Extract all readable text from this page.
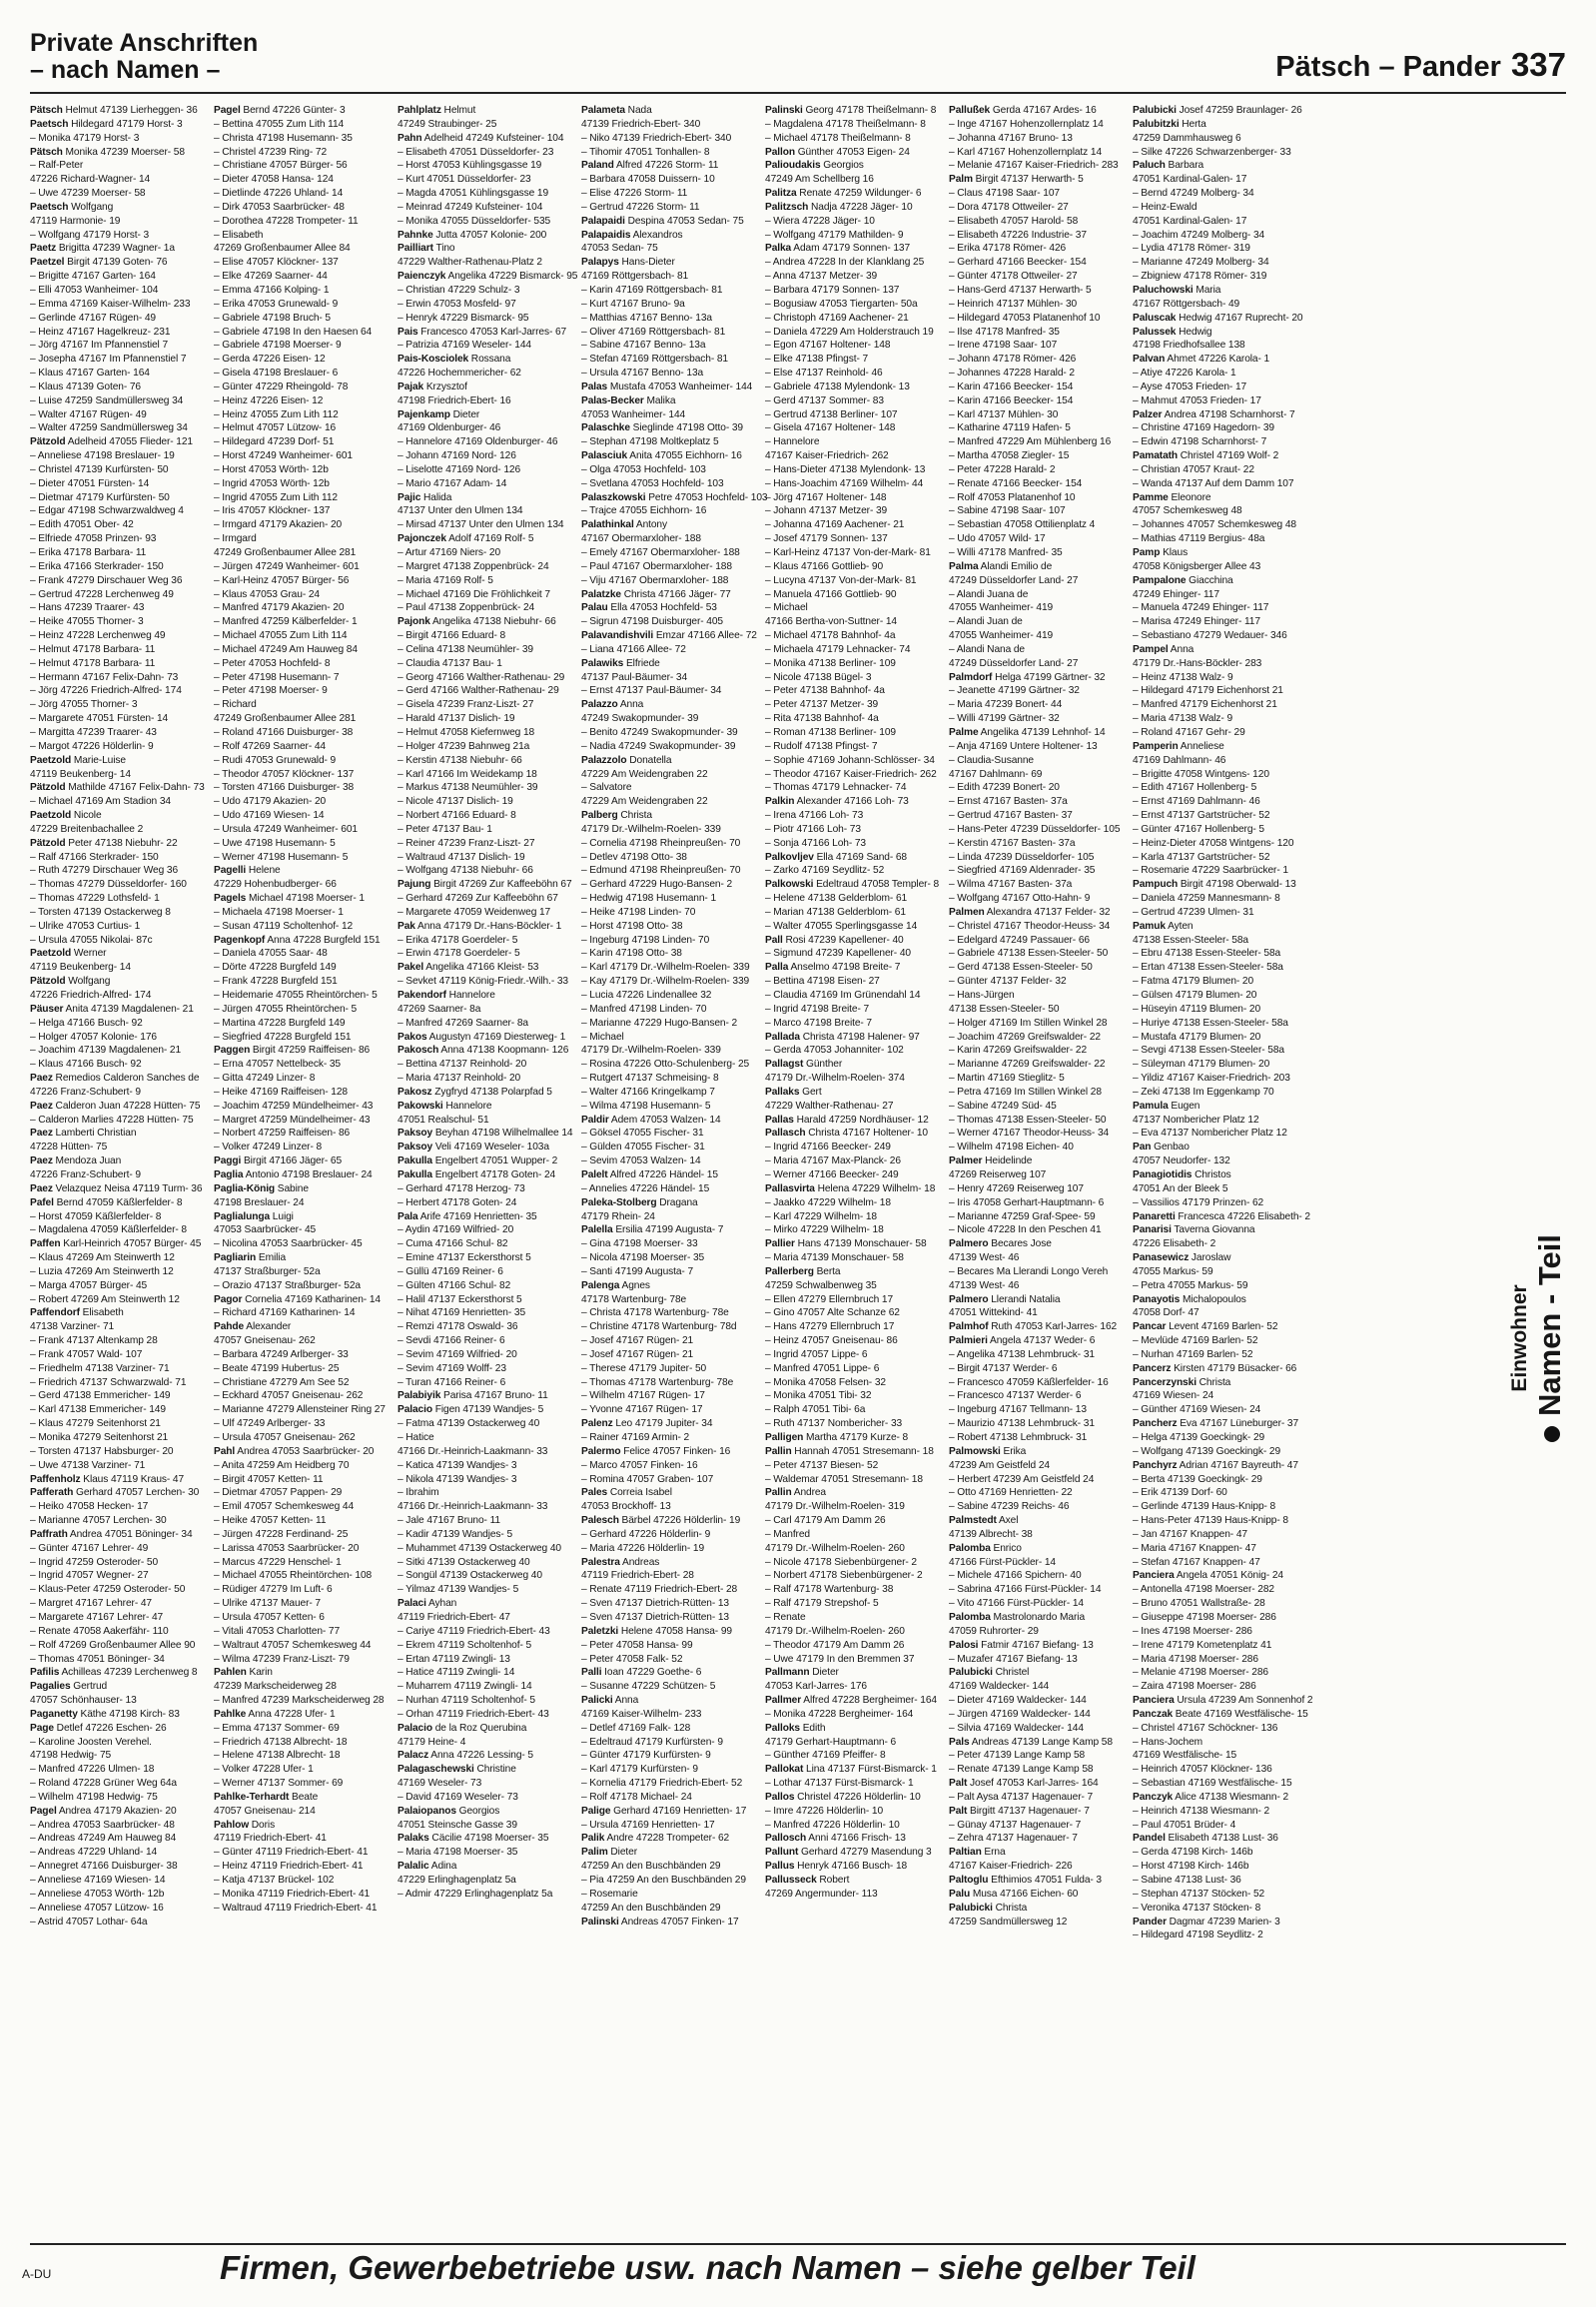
Private Anschriften
– nach Namen –	Pätsch – Pander 337
Pätsch Helmut 47139 Lierheggen- 36
Paetsch Hildegard 47179 Horst- 3
– Monika 47179 Horst- 3
Pätsch Monika 47239 Moerser- 58
– Ralf-Peter
47226 Richard-Wagner- 14
– Uwe 47239 Moerser- 58
Paetsch Wolfgang
47119 Harmonie- 19
– Wolfgang 47179 Horst- 3
Paetz Brigitta 47239 Wagner- 1a
Paetzel Birgit 47139 Goten- 76
– Brigitte 47167 Garten- 164
– Elli 47053 Wanheimer- 104
– Emma 47169 Kaiser-Wilhelm- 233
– Gerlinde 47167 Rügen- 49
– Heinz 47167 Hagelkreuz- 231
– Jörg 47167 Im Pfannenstiel 7
– Josepha 47167 Im Pfannenstiel 7
– Klaus 47167 Garten- 164
– Klaus 47139 Goten- 76
– Luise 47259 Sandmüllersweg 34
– Walter 47167 Rügen- 49
– Walter 47259 Sandmüllersweg 34
Pätzold Adelheid 47055 Flieder- 121
– Anneliese 47198 Breslauer- 19
– Christel 47139 Kurfürsten- 50
– Dieter 47051 Fürsten- 14
– Dietmar 47179 Kurfürsten- 50
– Edgar 47198 Schwarzwaldweg 4
– Edith 47051 Ober- 42
– Elfriede 47058 Prinzen- 93
– Erika 47178 Barbara- 11
– Erika 47166 Sterkrader- 150
– Frank 47279 Dirschauer Weg 36
– Gertrud 47228 Lerchenweg 49
– Hans 47239 Traarer- 43
– Heike 47055 Thorner- 3
– Heinz 47228 Lerchenweg 49
– Helmut 47178 Barbara- 11
– Helmut 47178 Barbara- 11
– Hermann 47167 Felix-Dahn- 73
– Jörg 47226 Friedrich-Alfred- 174
– Jörg 47055 Thorner- 3
– Margarete 47051 Fürsten- 14
– Margitta 47239 Traarer- 43
– Margot 47226 Hölderlin- 9
Paetzold Marie-Luise
47119 Beukenberg- 14
Pätzold Mathilde 47167 Felix-Dahn- 73
– Michael 47169 Am Stadion 34
Paetzold Nicole
47229 Breitenbachallee 2
Pätzold Peter 47138 Niebuhr- 22
– Ralf 47166 Sterkrader- 150
– Ruth 47279 Dirschauer Weg 36
– Thomas 47279 Düsseldorfer- 160
– Thomas 47229 Lothsfeld- 1
– Torsten 47139 Ostackerweg 8
– Ulrike 47053 Curtius- 1
– Ursula 47055 Nikolai- 87c
Paetzold Werner
47119 Beukenberg- 14
Pätzold Wolfgang
47226 Friedrich-Alfred- 174
Päuser Anita 47139 Magdalenen- 21
– Helga 47166 Busch- 92
– Holger 47057 Kolonie- 176
– Joachim 47139 Magdalenen- 21
– Klaus 47166 Busch- 92
Paez Remedios Calderon Sanches de
47226 Franz-Schubert- 9
Paez Calderon Juan 47228 Hütten- 75
– Calderon Marlies 47228 Hütten- 75
Paez Lamberti Christian
47228 Hütten- 75
Paez Mendoza Juan
47226 Franz-Schubert- 9
Paez Velazquez Neisa 47119 Turm- 36
Pafel Bernd 47059 Käßlerfelder- 8
– Horst 47059 Käßlerfelder- 8
– Magdalena 47059 Käßlerfelder- 8
Paffen Karl-Heinrich 47057 Bürger- 45
– Klaus 47269 Am Steinwerth 12
– Luzia 47269 Am Steinwerth 12
– Marga 47057 Bürger- 45
– Robert 47269 Am Steinwerth 12
Paffendorf Elisabeth
47138 Varziner- 71
– Frank 47137 Altenkamp 28
– Frank 47057 Wald- 107
– Friedhelm 47138 Varziner- 71
– Friedrich 47137 Schwarzwald- 71
– Gerd 47138 Emmericher- 149
– Karl 47138 Emmericher- 149
– Klaus 47279 Seitenhorst 21
– Monika 47279 Seitenhorst 21
– Torsten 47137 Habsburger- 20
– Uwe 47138 Varziner- 71
Paffenholz Klaus 47119 Kraus- 47
Pafferath Gerhard 47057 Lerchen- 30
– Heiko 47058 Hecken- 17
– Marianne 47057 Lerchen- 30
Paffrath Andrea 47051 Böninger- 34
– Günter 47167 Lehrer- 49
– Ingrid 47259 Osteroder- 50
– Ingrid 47057 Wegner- 27
– Klaus-Peter 47259 Osteroder- 50
– Margret 47167 Lehrer- 47
– Margarete 47167 Lehrer- 47
– Renate 47058 Aakerfähr- 110
– Rolf 47269 Großenbaumer Allee 90
– Thomas 47051 Böninger- 34
Pafilis Achilleas 47239 Lerchenweg 8
Pagalies Gertrud
47057 Schönhauser- 13
Paganetty Käthe 47198 Kirch- 83
Page Detlef 47226 Eschen- 26
– Karoline Joosten Verehel.
47198 Hedwig- 75
– Manfred 47226 Ulmen- 18
– Roland 47228 Grüner Weg 64a
– Wilhelm 47198 Hedwig- 75
Pagel Andrea 47179 Akazien- 20
– Andrea 47053 Saarbrücker- 48
– Andreas 47249 Am Hauweg 84
– Andreas 47229 Uhland- 14
– Annegret 47166 Duisburger- 38
– Anneliese 47169 Wiesen- 14
– Anneliese 47053 Wörth- 12b
– Anneliese 47057 Lützow- 16
– Astrid 47057 Lothar- 64a
Pagel Bernd 47226 Günter- 3
– Bettina 47055 Zum Lith 114
– Christa 47198 Husemann- 35
– Christel 47239 Ring- 72
– Christiane 47057 Bürger- 56
– Dieter 47058 Hansa- 124
– Dietlinde 47226 Uhland- 14
– Dirk 47053 Saarbrücker- 48
– Dorothea 47228 Trompeter- 11
– Elisabeth
47269 Großenbaumer Allee 84
– Elise 47057 Klöckner- 137
– Elke 47269 Saarner- 44
– Emma 47166 Kolping- 1
– Erika 47053 Grunewald- 9
– Gabriele 47198 Bruch- 5
– Gabriele 47198 In den Haesen 64
– Gabriele 47198 Moerser- 9
– Gerda 47226 Eisen- 12
– Gisela 47198 Breslauer- 6
– Günter 47229 Rheingold- 78
– Heinz 47226 Eisen- 12
– Heinz 47055 Zum Lith 112
– Helmut 47057 Lützow- 16
– Hildegard 47239 Dorf- 51
– Horst 47249 Wanheimer- 601
– Horst 47053 Wörth- 12b
– Ingrid 47053 Wörth- 12b
– Ingrid 47055 Zum Lith 112
– Iris 47057 Klöckner- 137
– Irmgard 47179 Akazien- 20
– Irmgard
47249 Großenbaumer Allee 281
– Jürgen 47249 Wanheimer- 601
– Karl-Heinz 47057 Bürger- 56
– Klaus 47053 Grau- 24
– Manfred 47179 Akazien- 20
– Manfred 47259 Kälberfelder- 1
– Michael 47055 Zum Lith 114
– Michael 47249 Am Hauweg 84
– Peter 47053 Hochfeld- 8
– Peter 47198 Husemann- 7
– Peter 47198 Moerser- 9
– Richard
47249 Großenbaumer Allee 281
– Roland 47166 Duisburger- 38
– Rolf 47269 Saarner- 44
– Rudi 47053 Grunewald- 9
– Theodor 47057 Klöckner- 137
– Torsten 47166 Duisburger- 38
– Udo 47179 Akazien- 20
– Udo 47169 Wiesen- 14
– Ursula 47249 Wanheimer- 601
– Uwe 47198 Husemann- 5
– Werner 47198 Husemann- 5
Pagelli Helene
47229 Hohenbudberger- 66
Pagels Michael 47198 Moerser- 1
– Michaela 47198 Moerser- 1
– Susan 47119 Scholtenhof- 12
Pagenkopf Anna 47228 Burgfeld 151
– Daniela 47055 Saar- 48
– Dörte 47228 Burgfeld 149
– Frank 47228 Burgfeld 151
– Heidemarie 47055 Rheintörchen- 5
– Jürgen 47055 Rheintörchen- 5
– Martina 47228 Burgfeld 149
– Siegfried 47228 Burgfeld 151
Paggen Birgit 47259 Raiffeisen- 86
– Erna 47057 Nettelbeck- 35
– Gitta 47249 Linzer- 8
– Heike 47169 Raiffeisen- 128
– Joachim 47259 Mündelheimer- 43
– Margret 47259 Mündelheimer- 43
– Norbert 47259 Raiffeisen- 86
– Volker 47249 Linzer- 8
Paggi Birgit 47166 Jäger- 65
Paglia Antonio 47198 Breslauer- 24
Paglia-König Sabine
47198 Breslauer- 24
Paglialunga Luigi
47053 Saarbrücker- 45
– Nicolina 47053 Saarbrücker- 45
Pagliarin Emilia
47137 Straßburger- 52a
– Orazio 47137 Straßburger- 52a
Pagor Cornelia 47169 Katharinen- 14
– Richard 47169 Katharinen- 14
Pahde Alexander
47057 Gneisenau- 262
– Barbara 47249 Arlberger- 33
– Beate 47199 Hubertus- 25
– Christiane 47279 Am See 52
– Eckhard 47057 Gneisenau- 262
– Marianne 47279 Allensteiner Ring 27
– Ulf 47249 Arlberger- 33
– Ursula 47057 Gneisenau- 262
Pahl Andrea 47053 Saarbrücker- 20
– Anita 47259 Am Heidberg 70
– Birgit 47057 Ketten- 11
– Dietmar 47057 Pappen- 29
– Emil 47057 Schemkesweg 44
– Heike 47057 Ketten- 11
– Jürgen 47228 Ferdinand- 25
– Larissa 47053 Saarbrücker- 20
– Marcus 47229 Henschel- 1
– Michael 47055 Rheintörchen- 108
– Rüdiger 47279 Im Luft- 6
– Ulrike 47137 Mauer- 7
– Ursula 47057 Ketten- 6
– Vitali 47053 Charlotten- 77
– Waltraut 47057 Schemkesweg 44
– Wilma 47239 Franz-Liszt- 79
Pahlen Karin
47239 Markscheiderweg 28
– Manfred 47239 Markscheiderweg 28
Pahlke Anna 47228 Ufer- 1
– Emma 47137 Sommer- 69
– Friedrich 47138 Albrecht- 18
– Helene 47138 Albrecht- 18
– Volker 47228 Ufer- 1
– Werner 47137 Sommer- 69
Pahlke-Terhardt Beate
47057 Gneisenau- 214
Pahlow Doris
47119 Friedrich-Ebert- 41
– Günter 47119 Friedrich-Ebert- 41
– Heinz 47119 Friedrich-Ebert- 41
– Katja 47137 Brückel- 102
– Monika 47119 Friedrich-Ebert- 41
– Waltraud 47119 Friedrich-Ebert- 41
Pahlplatz Helmut
47249 Straubinger- 25
Pahn Adelheid 47249 Kufsteiner- 104
– Elisabeth 47051 Düsseldorfer- 23
– Horst 47053 Kühlingsgasse 19
– Kurt 47051 Düsseldorfer- 23
– Magda 47051 Kühlingsgasse 19
– Meinrad 47249 Kufsteiner- 104
– Monika 47055 Düsseldorfer- 535
Pahnke Jutta 47057 Kolonie- 200
Pailliart Tino
47229 Walther-Rathenau-Platz 2
Paienczyk Angelika 47229 Bismarck- 95
– Christian 47229 Schulz- 3
– Erwin 47053 Mosfeld- 97
– Henryk 47229 Bismarck- 95
Pais Francesco 47053 Karl-Jarres- 67
– Patrizia 47169 Weseler- 144
Pais-Kosciolek Rossana
47226 Hochemmericher- 62
Pajak Krzysztof
47198 Friedrich-Ebert- 16
Pajenkamp Dieter
47169 Oldenburger- 46
– Hannelore 47169 Oldenburger- 46
– Johann 47169 Nord- 126
– Liselotte 47169 Nord- 126
– Mario 47167 Adam- 14
Pajic Halida
47137 Unter den Ulmen 134
– Mirsad 47137 Unter den Ulmen 134
Pajonczek Adolf 47169 Rolf- 5
– Artur 47169 Niers- 20
– Margret 47138 Zoppenbrück- 24
– Maria 47169 Rolf- 5
– Michael 47169 Die Fröhlichkeit 7
– Paul 47138 Zoppenbrück- 24
Pajonk Angelika 47138 Niebuhr- 66
– Birgit 47166 Eduard- 8
– Celina 47138 Neumühler- 39
– Claudia 47137 Bau- 1
– Georg 47166 Walther-Rathenau- 29
– Gerd 47166 Walther-Rathenau- 29
– Gisela 47239 Franz-Liszt- 27
– Harald 47137 Dislich- 19
– Helmut 47058 Kiefernweg 18
– Holger 47239 Bahnweg 21a
– Kerstin 47138 Niebuhr- 66
– Karl 47166 Im Weidekamp 18
– Markus 47138 Neumühler- 39
– Nicole 47137 Dislich- 19
– Norbert 47166 Eduard- 8
– Peter 47137 Bau- 1
– Reiner 47239 Franz-Liszt- 27
– Waltraud 47137 Dislich- 19
– Wolfgang 47138 Niebuhr- 66
Pajung Birgit 47269 Zur Kaffeeböhn 67
– Gerhard 47269 Zur Kaffeeböhn 67
– Margarete 47059 Weidenweg 17
Pak Anna 47179 Dr.-Hans-Böckler- 1
– Erika 47178 Goerdeler- 5
– Erwin 47178 Goerdeler- 5
Pakel Angelika 47166 Kleist- 53
– Sevket 47119 König-Friedr.-Wilh.- 33
Pakendorf Hannelore
47269 Saarner- 8a
– Manfred 47269 Saarner- 8a
Pakos Augustyn 47169 Diesterweg- 1
Pakosch Anna 47138 Koopmann- 126
– Bettina 47137 Reinhold- 20
– Maria 47137 Reinhold- 20
Pakosz Zygfryd 47138 Polarpfad 5
Pakowski Hannelore
47051 Realschul- 51
Paksoy Beyhan 47198 Wilhelmallee 14
Paksoy Veli 47169 Weseler- 103a
Pakulla Engelbert 47051 Wupper- 2
Pakulla Engelbert 47178 Goten- 24
– Gerhard 47178 Herzog- 73
– Herbert 47178 Goten- 24
Pala Arife 47169 Henrietten- 35
– Aydin 47169 Wilfried- 20
– Cuma 47166 Schul- 82
– Emine 47137 Eckersthorst 5
– Güllü 47169 Reiner- 6
– Gülten 47166 Schul- 82
– Halil 47137 Eckersthorst 5
– Nihat 47169 Henrietten- 35
– Remzi 47178 Oswald- 36
– Sevdi 47166 Reiner- 6
– Sevim 47169 Wilfried- 20
– Sevim 47169 Wolff- 23
– Turan 47166 Reiner- 6
Palabiyik Parisa 47167 Bruno- 11
Palacio Figen 47139 Wandjes- 5
– Fatma 47139 Ostackerweg 40
– Hatice
47166 Dr.-Heinrich-Laakmann- 33
– Katica 47139 Wandjes- 3
– Nikola 47139 Wandjes- 3
– Ibrahim
47166 Dr.-Heinrich-Laakmann- 33
– Jale 47167 Bruno- 11
– Kadir 47139 Wandjes- 5
– Muhammet 47139 Ostackerweg 40
– Sitki 47139 Ostackerweg 40
– Songül 47139 Ostackerweg 40
– Yilmaz 47139 Wandjes- 5
Palaci Ayhan
47119 Friedrich-Ebert- 47
– Cariye 47119 Friedrich-Ebert- 43
– Ekrem 47119 Scholtenhof- 5
– Ertan 47119 Zwingli- 13
– Hatice 47119 Zwingli- 14
– Muharrem 47119 Zwingli- 14
– Nurhan 47119 Scholtenhof- 5
– Orhan 47119 Friedrich-Ebert- 43
Palacio de la Roz Querubina
47179 Heine- 4
Palacz Anna 47226 Lessing- 5
Palagaschewski Christine
47169 Weseler- 73
– David 47169 Weseler- 73
Palaiopanos Georgios
47051 Steinsche Gasse 39
Palaks Cäcilie 47198 Moerser- 35
– Maria 47198 Moerser- 35
Palalic Adina
47229 Erlinghagenplatz 5a
– Admir 47229 Erlinghagenplatz 5a
Palameta Nada
47139 Friedrich-Ebert- 340
– Niko 47139 Friedrich-Ebert- 340
– Tihomir 47051 Tonhallen- 8
Paland Alfred 47226 Storm- 11
– Barbara 47058 Duissern- 10
– Elise 47226 Storm- 11
– Gertrud 47226 Storm- 11
Palapaidi Despina 47053 Sedan- 75
Palapaidis Alexandros
47053 Sedan- 75
Palapys Hans-Dieter
47169 Röttgersbach- 81
– Karin 47169 Röttgersbach- 81
– Kurt 47167 Bruno- 9a
– Matthias 47167 Benno- 13a
– Oliver 47169 Röttgersbach- 81
– Sabine 47167 Benno- 13a
– Stefan 47169 Röttgersbach- 81
– Ursula 47167 Benno- 13a
Palas Mustafa 47053 Wanheimer- 144
Palas-Becker Malika
47053 Wanheimer- 144
Palaschke Sieglinde 47198 Otto- 39
– Stephan 47198 Moltkeplatz 5
Palasciuk Anita 47055 Eichhorn- 16
– Olga 47053 Hochfeld- 103
– Svetlana 47053 Hochfeld- 103
Palaszkowski Petre 47053 Hochfeld- 103
– Trajce 47055 Eichhorn- 16
Palathinkal Antony
47167 Obermarxloher- 188
– Emely 47167 Obermarxloher- 188
– Paul 47167 Obermarxloher- 188
– Viju 47167 Obermarxloher- 188
Palatzke Christa 47166 Jäger- 77
Palau Ella 47053 Hochfeld- 53
– Sigrun 47198 Duisburger- 405
Palavandishvili Emzar 47166 Allee- 72
– Liana 47166 Allee- 72
Palawiks Elfriede
47137 Paul-Bäumer- 34
– Ernst 47137 Paul-Bäumer- 34
Palazzo Anna
47249 Swakopmunder- 39
– Benito 47249 Swakopmunder- 39
– Nadia 47249 Swakopmunder- 39
Palazzolo Donatella
47229 Am Weidengraben 22
– Salvatore
47229 Am Weidengraben 22
Palberg Christa
47179 Dr.-Wilhelm-Roelen- 339
– Cornelia 47198 Rheinpreußen- 70
– Detlev 47198 Otto- 38
– Edmund 47198 Rheinpreußen- 70
– Gerhard 47229 Hugo-Bansen- 2
– Hedwig 47198 Husemann- 1
– Heike 47198 Linden- 70
– Horst 47198 Otto- 38
– Ingeburg 47198 Linden- 70
– Karin 47198 Otto- 38
– Karl 47179 Dr.-Wilhelm-Roelen- 339
– Kay 47179 Dr.-Wilhelm-Roelen- 339
– Lucia 47226 Lindenallee 32
– Manfred 47198 Linden- 70
– Marianne 47229 Hugo-Bansen- 2
– Michael
47179 Dr.-Wilhelm-Roelen- 339
– Rosina 47226 Otto-Schulenberg- 25
– Rutgert 47137 Schmeising- 8
– Walter 47166 Kringelkamp 7
– Wilma 47198 Husemann- 5
Paldir Adem 47053 Walzen- 14
– Göksel 47055 Fischer- 31
– Gülden 47055 Fischer- 31
– Sevim 47053 Walzen- 14
Palelt Alfred 47226 Händel- 15
– Annelies 47226 Händel- 15
Paleka-Stolberg Dragana
47179 Rhein- 24
Palella Ersilia 47199 Augusta- 7
– Gina 47198 Moerser- 33
– Nicola 47198 Moerser- 35
– Santi 47199 Augusta- 7
Palenga Agnes
47178 Wartenburg- 78e
– Christa 47178 Wartenburg- 78e
– Christine 47178 Wartenburg- 78d
– Josef 47167 Rügen- 21
– Josef 47167 Rügen- 21
– Therese 47179 Jupiter- 50
– Thomas 47178 Wartenburg- 78e
– Wilhelm 47167 Rügen- 17
– Yvonne 47167 Rügen- 17
Palenz Leo 47179 Jupiter- 34
– Rainer 47169 Armin- 2
Palermo Felice 47057 Finken- 16
– Marco 47057 Finken- 16
– Romina 47057 Graben- 107
Pales Correia Isabel
47053 Brockhoff- 13
Palesch Bärbel 47226 Hölderlin- 19
– Gerhard 47226 Hölderlin- 9
– Maria 47226 Hölderlin- 19
Palestra Andreas
47119 Friedrich-Ebert- 28
– Renate 47119 Friedrich-Ebert- 28
– Sven 47137 Dietrich-Rütten- 13
– Sven 47137 Dietrich-Rütten- 13
Paletzki Helene 47058 Hansa- 99
– Peter 47058 Hansa- 99
– Peter 47058 Falk- 52
Palli Ioan 47229 Goethe- 6
– Susanne 47229 Schützen- 5
Palicki Anna
47169 Kaiser-Wilhelm- 233
– Detlef 47169 Falk- 128
– Edeltraud 47179 Kurfürsten- 9
– Günter 47179 Kurfürsten- 9
– Karl 47179 Kurfürsten- 9
– Kornelia 47179 Friedrich-Ebert- 52
– Rolf 47178 Michael- 24
Palige Gerhard 47169 Henrietten- 17
– Ursula 47169 Henrietten- 17
Palik Andre 47228 Trompeter- 62
Palim Dieter
47259 An den Buschbänden 29
– Pia 47259 An den Buschbänden 29
– Rosemarie
47259 An den Buschbänden 29
Palinski Andreas 47057 Finken- 17
Palinski Georg 47178 Theißelmann- 8
– Magdalena 47178 Theißelmann- 8
– Michael 47178 Theißelmann- 8
Pallon Günther 47053 Eigen- 24
Palioudakis Georgios
47249 Am Schellberg 16
Palitza Renate 47259 Wildunger- 6
Palitzsch Nadja 47228 Jäger- 10
– Wiera 47228 Jäger- 10
– Wolfgang 47179 Mathilden- 9
Palka Adam 47179 Sonnen- 137
– Andrea 47228 In der Klanklang 25
– Anna 47137 Metzer- 39
– Barbara 47179 Sonnen- 137
– Bogusiaw 47053 Tiergarten- 50a
– Christoph 47169 Aachener- 21
– Daniela 47229 Am Holderstrauch 19
– Egon 47167 Holtener- 148
– Elke 47138 Pfingst- 7
– Else 47137 Reinhold- 46
– Gabriele 47138 Mylendonk- 13
– Gerd 47137 Sommer- 83
– Gertrud 47138 Berliner- 107
– Gisela 47167 Holtener- 148
– Hannelore
47167 Kaiser-Friedrich- 262
– Hans-Dieter 47138 Mylendonk- 13
– Hans-Joachim 47169 Wilhelm- 44
– Jörg 47167 Holtener- 148
– Johann 47137 Metzer- 39
– Johanna 47169 Aachener- 21
– Josef 47179 Sonnen- 137
– Karl-Heinz 47137 Von-der-Mark- 81
– Klaus 47166 Gottlieb- 90
– Lucyna 47137 Von-der-Mark- 81
– Manuela 47166 Gottlieb- 90
– Michael
47166 Bertha-von-Suttner- 14
– Michael 47178 Bahnhof- 4a
– Michaela 47179 Lehnacker- 74
– Monika 47138 Berliner- 109
– Nicole 47138 Bügel- 3
– Peter 47138 Bahnhof- 4a
– Peter 47137 Metzer- 39
– Rita 47138 Bahnhof- 4a
– Roman 47138 Berliner- 109
– Rudolf 47138 Pfingst- 7
– Sophie 47169 Johann-Schlösser- 34
– Theodor 47167 Kaiser-Friedrich- 262
– Thomas 47179 Lehnacker- 74
Palkin Alexander 47166 Loh- 73
– Irena 47166 Loh- 73
– Piotr 47166 Loh- 73
– Sonja 47166 Loh- 73
Palkovljev Ella 47169 Sand- 68
– Zarko 47169 Seydlitz- 52
Palkowski Edeltraud 47058 Templer- 8
– Helene 47138 Gelderblom- 61
– Marian 47138 Gelderblom- 61
– Walter 47055 Sperlingsgasse 14
Pall Rosi 47239 Kapellener- 40
– Sigmund 47239 Kapellener- 40
Palla Anselmo 47198 Breite- 7
– Bettina 47198 Eisen- 27
– Claudia 47169 Im Grünendahl 14
– Ingrid 47198 Breite- 7
– Marco 47198 Breite- 7
Pallada Christa 47198 Halener- 97
– Gerda 47053 Johanniter- 102
Pallagst Günther
47179 Dr.-Wilhelm-Roelen- 374
Pallaks Gert
47229 Walther-Rathenau- 27
Pallas Harald 47259 Nordhäuser- 12
Pallasch Christa 47167 Holtener- 10
– Ingrid 47166 Beecker- 249
– Maria 47167 Max-Planck- 26
– Werner 47166 Beecker- 249
Pallasvirta Helena 47229 Wilhelm- 18
– Jaakko 47229 Wilhelm- 18
– Karl 47229 Wilhelm- 18
– Mirko 47229 Wilhelm- 18
Pallier Hans 47139 Monschauer- 58
– Maria 47139 Monschauer- 58
Pallerberg Berta
47259 Schwalbenweg 35
– Ellen 47279 Ellernbruch 17
– Gino 47057 Alte Schanze 62
– Hans 47279 Ellernbruch 17
– Heinz 47057 Gneisenau- 86
– Ingrid 47057 Lippe- 6
– Manfred 47051 Lippe- 6
– Monika 47058 Felsen- 32
– Monika 47051 Tibi- 32
– Ralph 47051 Tibi- 6a
– Ruth 47137 Nombericher- 33
Palligen Martha 47179 Kurze- 8
Pallin Hannah 47051 Stresemann- 18
– Peter 47137 Biesen- 52
– Waldemar 47051 Stresemann- 18
Pallin Andrea
47179 Dr.-Wilhelm-Roelen- 319
– Carl 47179 Am Damm 26
– Manfred
47179 Dr.-Wilhelm-Roelen- 260
– Nicole 47178 Siebenbürgener- 2
– Norbert 47178 Siebenbürgener- 2
– Ralf 47178 Wartenburg- 38
– Ralf 47179 Strepshof- 5
– Renate
47179 Dr.-Wilhelm-Roelen- 260
– Theodor 47179 Am Damm 26
– Uwe 47179 In den Bremmen 37
Pallmann Dieter
47053 Karl-Jarres- 176
Pallmer Alfred 47228 Bergheimer- 164
– Monika 47228 Bergheimer- 164
Palloks Edith
47179 Gerhart-Hauptmann- 6
– Günther 47169 Pfeiffer- 8
Pallokat Lina 47137 Fürst-Bismarck- 1
– Lothar 47137 Fürst-Bismarck- 1
Pallos Christel 47226 Hölderlin- 10
– Imre 47226 Hölderlin- 10
– Manfred 47226 Hölderlin- 10
Pallosch Anni 47166 Frisch- 13
Pallunt Gerhard 47279 Masendung 3
Pallus Henryk 47166 Busch- 18
Pallusseck Robert
47269 Angermunder- 113
Pallußek Gerda 47167 Ardes- 16
– Inge 47167 Hohenzollernplatz 14
– Johanna 47167 Bruno- 13
– Karl 47167 Hohenzollernplatz 14
– Melanie 47167 Kaiser-Friedrich- 283
Palm Birgit 47137 Herwarth- 5
– Claus 47198 Saar- 107
– Dora 47178 Ottweiler- 27
– Elisabeth 47057 Harold- 58
– Elisabeth 47226 Industrie- 37
– Erika 47178 Römer- 426
– Gerhard 47166 Beecker- 154
– Günter 47178 Ottweiler- 27
– Hans-Gerd 47137 Herwarth- 5
– Heinrich 47137 Mühlen- 30
– Hildegard 47053 Platanenhof 10
– Ilse 47178 Manfred- 35
– Irene 47198 Saar- 107
– Johann 47178 Römer- 426
– Johannes 47228 Harald- 2
– Karin 47166 Beecker- 154
– Karin 47166 Beecker- 154
– Karl 47137 Mühlen- 30
– Katharine 47119 Hafen- 5
– Manfred 47229 Am Mühlenberg 16
– Martha 47058 Ziegler- 15
– Peter 47228 Harald- 2
– Renate 47166 Beecker- 154
– Rolf 47053 Platanenhof 10
– Sabine 47198 Saar- 107
– Sebastian 47058 Ottilienplatz 4
– Udo 47057 Wild- 17
– Willi 47178 Manfred- 35
Palma Alandi Emilio de
47249 Düsseldorfer Land- 27
– Alandi Juana de
47055 Wanheimer- 419
– Alandi Juan de
47055 Wanheimer- 419
– Alandi Nana de
47249 Düsseldorfer Land- 27
Palmdorf Helga 47199 Gärtner- 32
– Jeanette 47199 Gärtner- 32
– Maria 47239 Bonert- 44
– Willi 47199 Gärtner- 32
Palme Angelika 47139 Lehnhof- 14
– Anja 47169 Untere Holtener- 13
– Claudia-Susanne
47167 Dahlmann- 69
– Edith 47239 Bonert- 20
– Ernst 47167 Basten- 37a
– Gertrud 47167 Basten- 37
– Hans-Peter 47239 Düsseldorfer- 105
– Kerstin 47167 Basten- 37a
– Linda 47239 Düsseldorfer- 105
– Siegfried 47169 Aldenrader- 35
– Wilma 47167 Basten- 37a
– Wolfgang 47167 Otto-Hahn- 9
Palmen Alexandra 47137 Felder- 32
– Christel 47167 Theodor-Heuss- 34
– Edelgard 47249 Passauer- 66
– Gabriele 47138 Essen-Steeler- 50
– Gerd 47138 Essen-Steeler- 50
– Günter 47137 Felder- 32
– Hans-Jürgen
47138 Essen-Steeler- 50
– Holger 47169 Im Stillen Winkel 28
– Joachim 47269 Greifswalder- 22
– Karin 47269 Greifswalder- 22
– Marianne 47269 Greifswalder- 22
– Martin 47169 Stieglitz- 5
– Petra 47169 Im Stillen Winkel 28
– Sabine 47249 Süd- 45
– Thomas 47138 Essen-Steeler- 50
– Werner 47167 Theodor-Heuss- 34
– Wilhelm 47198 Eichen- 40
Palmer Heidelinde
47269 Reiserweg 107
– Henry 47269 Reiserweg 107
– Iris 47058 Gerhart-Hauptmann- 6
– Marianne 47259 Graf-Spee- 59
– Nicole 47228 In den Peschen 41
Palmero Becares Jose
47139 West- 46
– Becares Ma Llerandi Longo Vereh
47139 West- 46
Palmero Llerandi Natalia
47051 Wittekind- 41
Palmhof Ruth 47053 Karl-Jarres- 162
Palmieri Angela 47137 Weder- 6
– Angelika 47138 Lehmbruck- 31
– Birgit 47137 Werder- 6
– Francesco 47059 Käßlerfelder- 16
– Francesco 47137 Werder- 6
– Ingeburg 47167 Tellmann- 13
– Maurizio 47138 Lehmbruck- 31
– Robert 47138 Lehmbruck- 31
Palmowski Erika
47239 Am Geistfeld 24
– Herbert 47239 Am Geistfeld 24
– Otto 47169 Henrietten- 22
– Sabine 47239 Reichs- 46
Palmstedt Axel
47139 Albrecht- 38
Palomba Enrico
47166 Fürst-Pückler- 14
– Michele 47166 Spichern- 40
– Sabrina 47166 Fürst-Pückler- 14
– Vito 47166 Fürst-Pückler- 14
Palomba Mastrolonardo Maria
47059 Ruhrorter- 29
Palosi Fatmir 47167 Biefang- 13
– Muzafer 47167 Biefang- 13
Palubicki Christel
47169 Waldecker- 144
– Dieter 47169 Waldecker- 144
– Jürgen 47169 Waldecker- 144
– Silvia 47169 Waldecker- 144
Pals Andreas 47139 Lange Kamp 58
– Peter 47139 Lange Kamp 58
– Renate 47139 Lange Kamp 58
Palt Josef 47053 Karl-Jarres- 164
– Palt Aysa 47137 Hagenauer- 7
Palt Birgitt 47137 Hagenauer- 7
– Günay 47137 Hagenauer- 7
– Zehra 47137 Hagenauer- 7
Paltian Erna
47167 Kaiser-Friedrich- 226
Paltoglu Efthimios 47051 Fulda- 3
Palu Musa 47166 Eichen- 60
Palubicki Christa
47259 Sandmüllersweg 12
Palubicki Josef 47259 Braunlager- 26
Palubitzki Herta
47259 Dammhausweg 6
– Silke 47226 Schwarzenberger- 33
Paluch Barbara
47051 Kardinal-Galen- 17
– Bernd 47249 Molberg- 34
– Heinz-Ewald
47051 Kardinal-Galen- 17
– Joachim 47249 Molberg- 34
– Lydia 47178 Römer- 319
– Marianne 47249 Molberg- 34
– Zbigniew 47178 Römer- 319
Paluchowski Maria
47167 Röttgersbach- 49
Paluscak Hedwig 47167 Ruprecht- 20
Palussek Hedwig
47198 Friedhofsallee 138
Palvan Ahmet 47226 Karola- 1
– Atiye 47226 Karola- 1
– Ayse 47053 Frieden- 17
– Mahmut 47053 Frieden- 17
Palzer Andrea 47198 Scharnhorst- 7
– Christine 47169 Hagedorn- 39
– Edwin 47198 Scharnhorst- 7
Pamatath Christel 47169 Wolf- 2
– Christian 47057 Kraut- 22
– Wanda 47137 Auf dem Damm 107
Pamme Eleonore
47057 Schemkesweg 48
– Johannes 47057 Schemkesweg 48
– Mathias 47119 Bergius- 48a
Pamp Klaus
47058 Königsberger Allee 43
Pampalone Giacchina
47249 Ehinger- 117
– Manuela 47249 Ehinger- 117
– Marisa 47249 Ehinger- 117
– Sebastiano 47279 Wedauer- 346
Pampel Anna
47179 Dr.-Hans-Böckler- 283
– Heinz 47138 Walz- 9
– Hildegard 47179 Eichenhorst 21
– Manfred 47179 Eichenhorst 21
– Maria 47138 Walz- 9
– Roland 47167 Gehr- 29
Pamperin Anneliese
47169 Dahlmann- 46
– Brigitte 47058 Wintgens- 120
– Edith 47167 Hollenberg- 5
– Ernst 47169 Dahlmann- 46
– Ernst 47137 Gartstrücher- 52
– Günter 47167 Hollenberg- 5
– Heinz-Dieter 47058 Wintgens- 120
– Karla 47137 Gartstrücher- 52
– Rosemarie 47229 Saarbrücker- 1
Pampuch Birgit 47198 Oberwald- 13
– Daniela 47259 Mannesmann- 8
– Gertrud 47239 Ulmen- 31
Pamuk Ayten
47138 Essen-Steeler- 58a
– Ebru 47138 Essen-Steeler- 58a
– Ertan 47138 Essen-Steeler- 58a
– Fatma 47179 Blumen- 20
– Gülsen 47179 Blumen- 20
– Hüseyin 47119 Blumen- 20
– Huriye 47138 Essen-Steeler- 58a
– Mustafa 47179 Blumen- 20
– Sevgi 47138 Essen-Steeler- 58a
– Süleyman 47179 Blumen- 20
– Yildiz 47167 Kaiser-Friedrich- 203
– Zeki 47138 Im Eggenkamp 70
Pamula Eugen
47137 Nombericher Platz 12
– Eva 47137 Nombericher Platz 12
Pan Genbao
47057 Neudorfer- 132
Panagiotidis Christos
47051 An der Bleek 5
– Vassilios 47179 Prinzen- 62
Panaretti Francesca 47226 Elisabeth- 2
Panarisi Taverna Giovanna
47226 Elisabeth- 2
Panasewicz Jaroslaw
47055 Markus- 59
– Petra 47055 Markus- 59
Panayotis Michalopoulos
47058 Dorf- 47
Pancar Levent 47169 Barlen- 52
– Mevlüde 47169 Barlen- 52
– Nurhan 47169 Barlen- 52
Pancerz Kirsten 47179 Büsacker- 66
Pancerzynski Christa
47169 Wiesen- 24
– Günther 47169 Wiesen- 24
Pancherz Eva 47167 Lüneburger- 37
– Helga 47139 Goeckingk- 29
– Wolfgang 47139 Goeckingk- 29
Panchyrz Adrian 47167 Bayreuth- 47
– Berta 47139 Goeckingk- 29
– Erik 47139 Dorf- 60
– Gerlinde 47139 Haus-Knipp- 8
– Hans-Peter 47139 Haus-Knipp- 8
– Jan 47167 Knappen- 47
– Maria 47167 Knappen- 47
– Stefan 47167 Knappen- 47
Panciera Angela 47051 König- 24
– Antonella 47198 Moerser- 282
– Bruno 47051 Wallstraße- 28
– Giuseppe 47198 Moerser- 286
– Ines 47198 Moerser- 286
– Irene 47179 Kometenplatz 41
– Maria 47198 Moerser- 286
– Melanie 47198 Moerser- 286
– Zaira 47198 Moerser- 286
Panciera Ursula 47239 Am Sonnenhof 2
Panczak Beate 47169 Westfälische- 15
– Christel 47167 Schöckner- 136
– Hans-Jochem
47169 Westfälische- 15
– Heinrich 47057 Klöckner- 136
– Sebastian 47169 Westfälische- 15
Panczyk Alice 47138 Wiesmann- 2
– Heinrich 47138 Wiesmann- 2
– Paul 47051 Brüder- 4
Pandel Elisabeth 47138 Lust- 36
– Gerda 47198 Kirch- 146b
– Horst 47198 Kirch- 146b
– Sabine 47138 Lust- 36
– Stephan 47137 Stöcken- 52
– Veronika 47137 Stöcken- 8
Pander Dagmar 47239 Marien- 3
– Hildegard 47198 Seydlitz- 2
Einwohner Namen - Teil
A-DU	Firmen, Gewerbebetriebe usw. nach Namen – siehe gelber Teil
